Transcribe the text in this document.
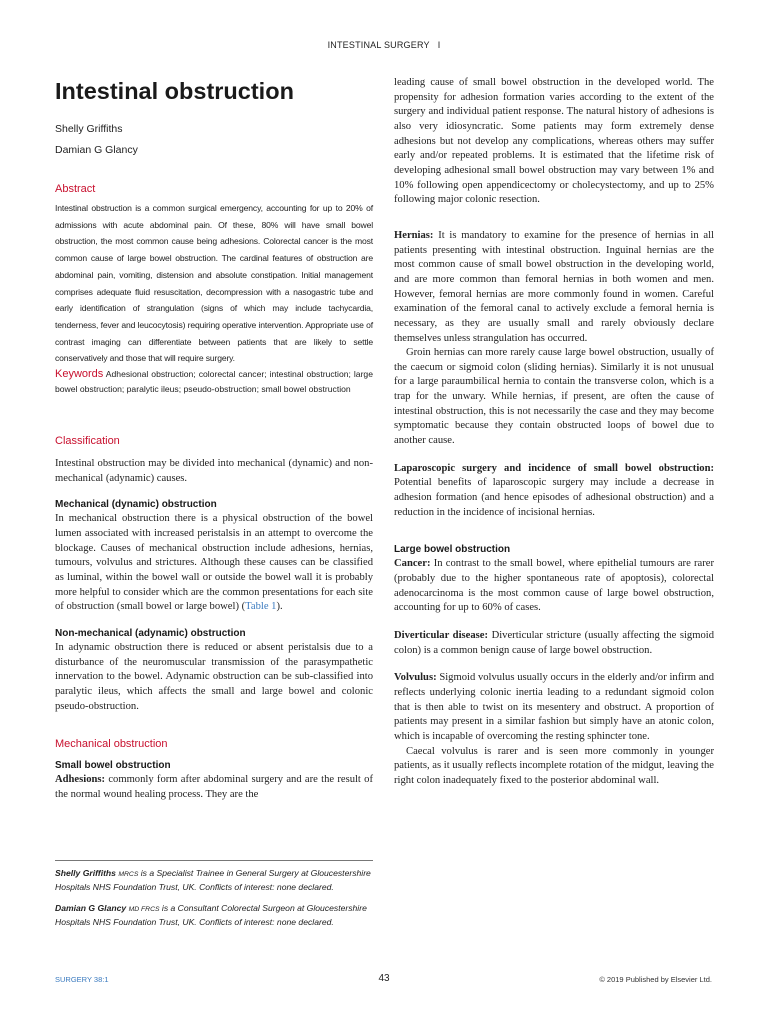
INTESTINAL SURGERY I
Intestinal obstruction

Shelly Griffiths

Damian G Glancy

Abstract

Intestinal obstruction is a common surgical emergency, accounting for up to 20% of admissions with acute abdominal pain. Of these, 80% will have small bowel obstruction, the most common cause being adhesions. Colorectal cancer is the most common cause of large bowel obstruction. The cardinal features of obstruction are abdominal pain, vomiting, distension and absolute constipation. Initial management comprises adequate fluid resuscitation, decompression with a nasogastric tube and early identification of strangulation (signs of which may include tachycardia, tenderness, fever and leucocytosis) requiring operative intervention. Appropriate use of contrast imaging can differentiate between patients that are likely to settle conservatively and those that will require surgery.

Keywords Adhesional obstruction; colorectal cancer; intestinal obstruction; large bowel obstruction; paralytic ileus; pseudo-obstruction; small bowel obstruction

Classification

Intestinal obstruction may be divided into mechanical (dynamic) and non-mechanical (adynamic) causes.

Mechanical (dynamic) obstruction

In mechanical obstruction there is a physical obstruction of the bowel lumen associated with increased peristalsis in an attempt to overcome the blockage. Causes of mechanical obstruction include adhesions, hernias, tumours, volvulus and strictures. Although these causes can be classified as luminal, within the bowel wall or outside the bowel wall it is probably more helpful to consider which are the common presentations for each site of obstruction (small bowel or large bowel) (Table 1).

Non-mechanical (adynamic) obstruction

In adynamic obstruction there is reduced or absent peristalsis due to a disturbance of the neuromuscular transmission of the parasympathetic innervation to the bowel. Adynamic obstruction can be sub-classified into paralytic ileus, which affects the small and large bowel and colonic pseudo-obstruction.

Mechanical obstruction

Small bowel obstruction

Adhesions: commonly form after abdominal surgery and are the result of the normal wound healing process. They are the

Shelly Griffiths MRCS is a Specialist Trainee in General Surgery at Gloucestershire Hospitals NHS Foundation Trust, UK. Conflicts of interest: none declared.

Damian G Glancy MD FRCS is a Consultant Colorectal Surgeon at Gloucestershire Hospitals NHS Foundation Trust, UK. Conflicts of interest: none declared.

leading cause of small bowel obstruction in the developed world. The propensity for adhesion formation varies according to the extent of the surgery and individual patient response. The natural history of adhesions is also very idiosyncratic. Some patients may form extremely dense adhesions but not develop any complications, whereas others may suffer early and/or repeated problems. It is estimated that the lifetime risk of developing adhesional small bowel obstruction may vary between 1% and 10% following open appendicectomy or cholecystectomy, and up to 25% following major colonic resection.

Hernias: It is mandatory to examine for the presence of hernias in all patients presenting with intestinal obstruction. Inguinal hernias are the most common cause of small bowel obstruction in the developing world, and are more common than femoral hernias in both women and men. However, femoral hernias are more commonly found in women. Careful examination of the femoral canal to actively exclude a femoral hernia is necessary, as they are usually small and rarely obviously declare themselves unless strangulation has occurred.

Groin hernias can more rarely cause large bowel obstruction, usually of the caecum or sigmoid colon (sliding hernias). Similarly it is not unusual for a large paraumbilical hernia to contain the transverse colon, which is a trap for the unwary. While hernias, if present, are often the cause of intestinal obstruction, this is not necessarily the case and they may become symptomatic because they contain obstructed loops of bowel due to another cause.

Laparoscopic surgery and incidence of small bowel obstruction: Potential benefits of laparoscopic surgery may include a decrease in adhesion formation (and hence episodes of adhesional obstruction) and a reduction in the incidence of incisional hernias.

Large bowel obstruction

Cancer: In contrast to the small bowel, where epithelial tumours are rarer (probably due to the higher spontaneous rate of apoptosis), colorectal adenocarcinoma is the most common cause of large bowel obstruction, accounting for up to 60% of cases.

Diverticular disease: Diverticular stricture (usually affecting the sigmoid colon) is a common benign cause of large bowel obstruction.

Volvulus: Sigmoid volvulus usually occurs in the elderly and/or infirm and reflects underlying colonic inertia leading to a redundant sigmoid colon that is then able to twist on its mesentery and obstruct. A proportion of patients may present in a similar fashion but simply have an atonic colon, which is incapable of overcoming the resting sphincter tone.

Caecal volvulus is rarer and is seen more commonly in younger patients, as it usually reflects incomplete rotation of the midgut, leaving the right colon inadequately fixed to the posterior abdominal wall.

SURGERY 38:1	43	© 2019 Published by Elsevier Ltd.
